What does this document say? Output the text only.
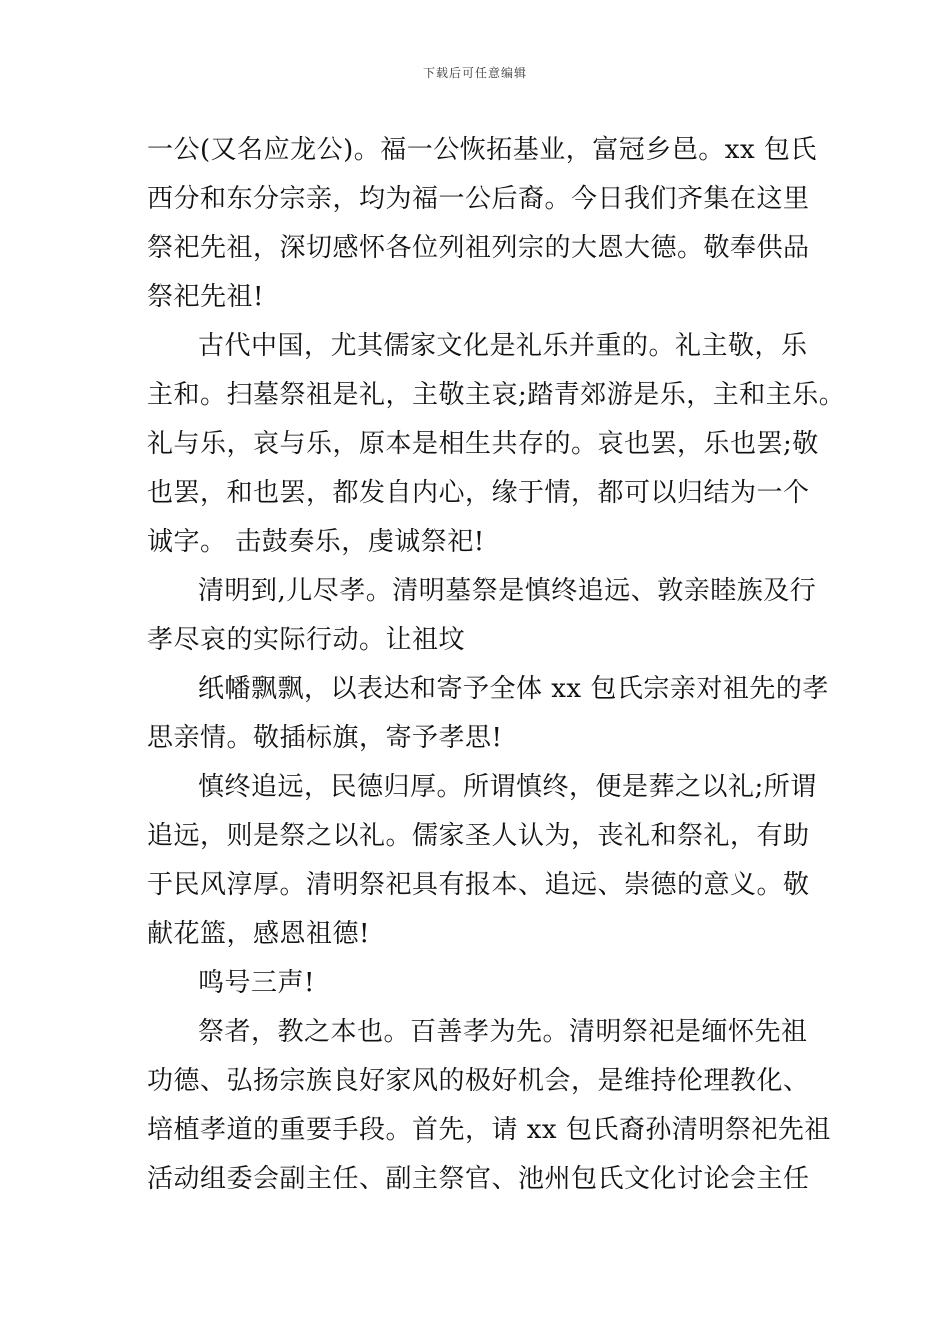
下载后可任意编辑
一公(又名应龙公)。福一公恢拓基业，富冠乡邑。xx 包氏
西分和东分宗亲，均为福一公后裔。今日我们齐集在这里
祭祀先祖，深切感怀各位列祖列宗的大恩大德。敬奉供品
祭祀先祖!
古代中国，尤其儒家文化是礼乐并重的。礼主敬，乐
主和。扫墓祭祖是礼，主敬主哀;踏青郊游是乐，主和主乐。
礼与乐，哀与乐，原本是相生共存的。哀也罢，乐也罢;敬
也罢，和也罢，都发自内心，缘于情，都可以归结为一个
诚字。 击鼓奏乐，虔诚祭祀!
清明到,儿尽孝。清明墓祭是慎终追远、敦亲睦族及行
孝尽哀的实际行动。让祖坟
纸幡飘飘，以表达和寄予全体 xx 包氏宗亲对祖先的孝
思亲情。敬插标旗，寄予孝思!
慎终追远，民德归厚。所谓慎终，便是葬之以礼;所谓
追远，则是祭之以礼。儒家圣人认为，丧礼和祭礼，有助
于民风淳厚。清明祭祀具有报本、追远、崇德的意义。敬
献花篮，感恩祖德!
鸣号三声!
祭者，教之本也。百善孝为先。清明祭祀是缅怀先祖
功德、弘扬宗族良好家风的极好机会，是维持伦理教化、
培植孝道的重要手段。首先，请 xx 包氏裔孙清明祭祀先祖
活动组委会副主任、副主祭官、池州包氏文化讨论会主任
